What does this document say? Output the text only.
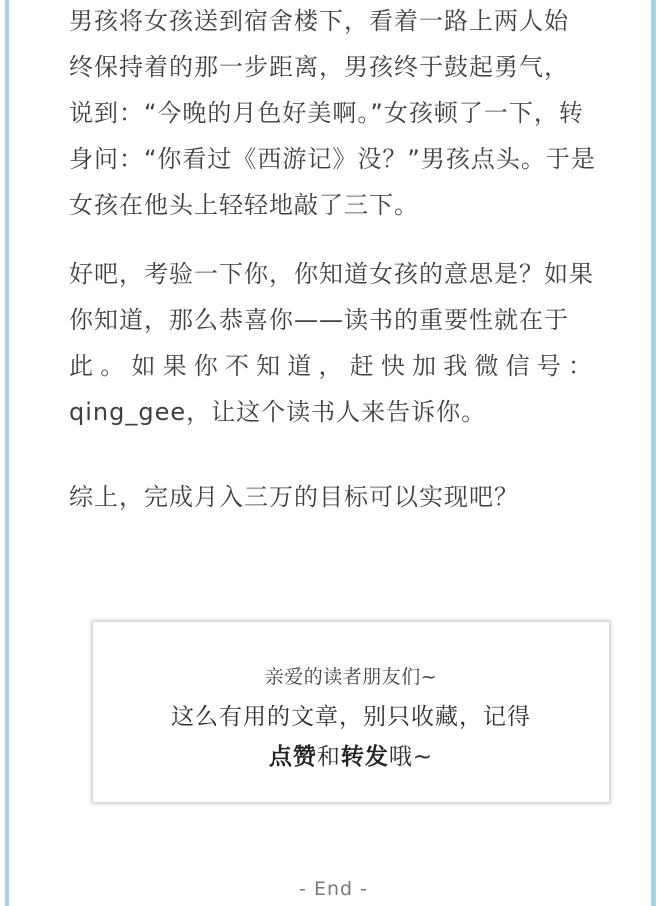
男孩将女孩送到宿舍楼下，看着一路上两人始
终保持着的那一步距离，男孩终于鼓起勇气，
说到：“今晚的月色好美啊。”女孩顿了一下，转
身问：“你看过《西游记》没？”男孩点头。于是
女孩在他头上轻轻地敲了三下。

好吧，考验一下你，你知道女孩的意思是？如果
你知道，那么恭喜你——读书的重要性就在于
此 。 如 果 你 不 知 道 ， 赶 快 加 我 微 信 号 ：
qing_gee，让这个读书人来告诉你。

综上，完成月入三万的目标可以实现吧？

亲爱的读者朋友们~
这么有用的文章，别只收藏，记得
点赞和转发哦~
- End -
